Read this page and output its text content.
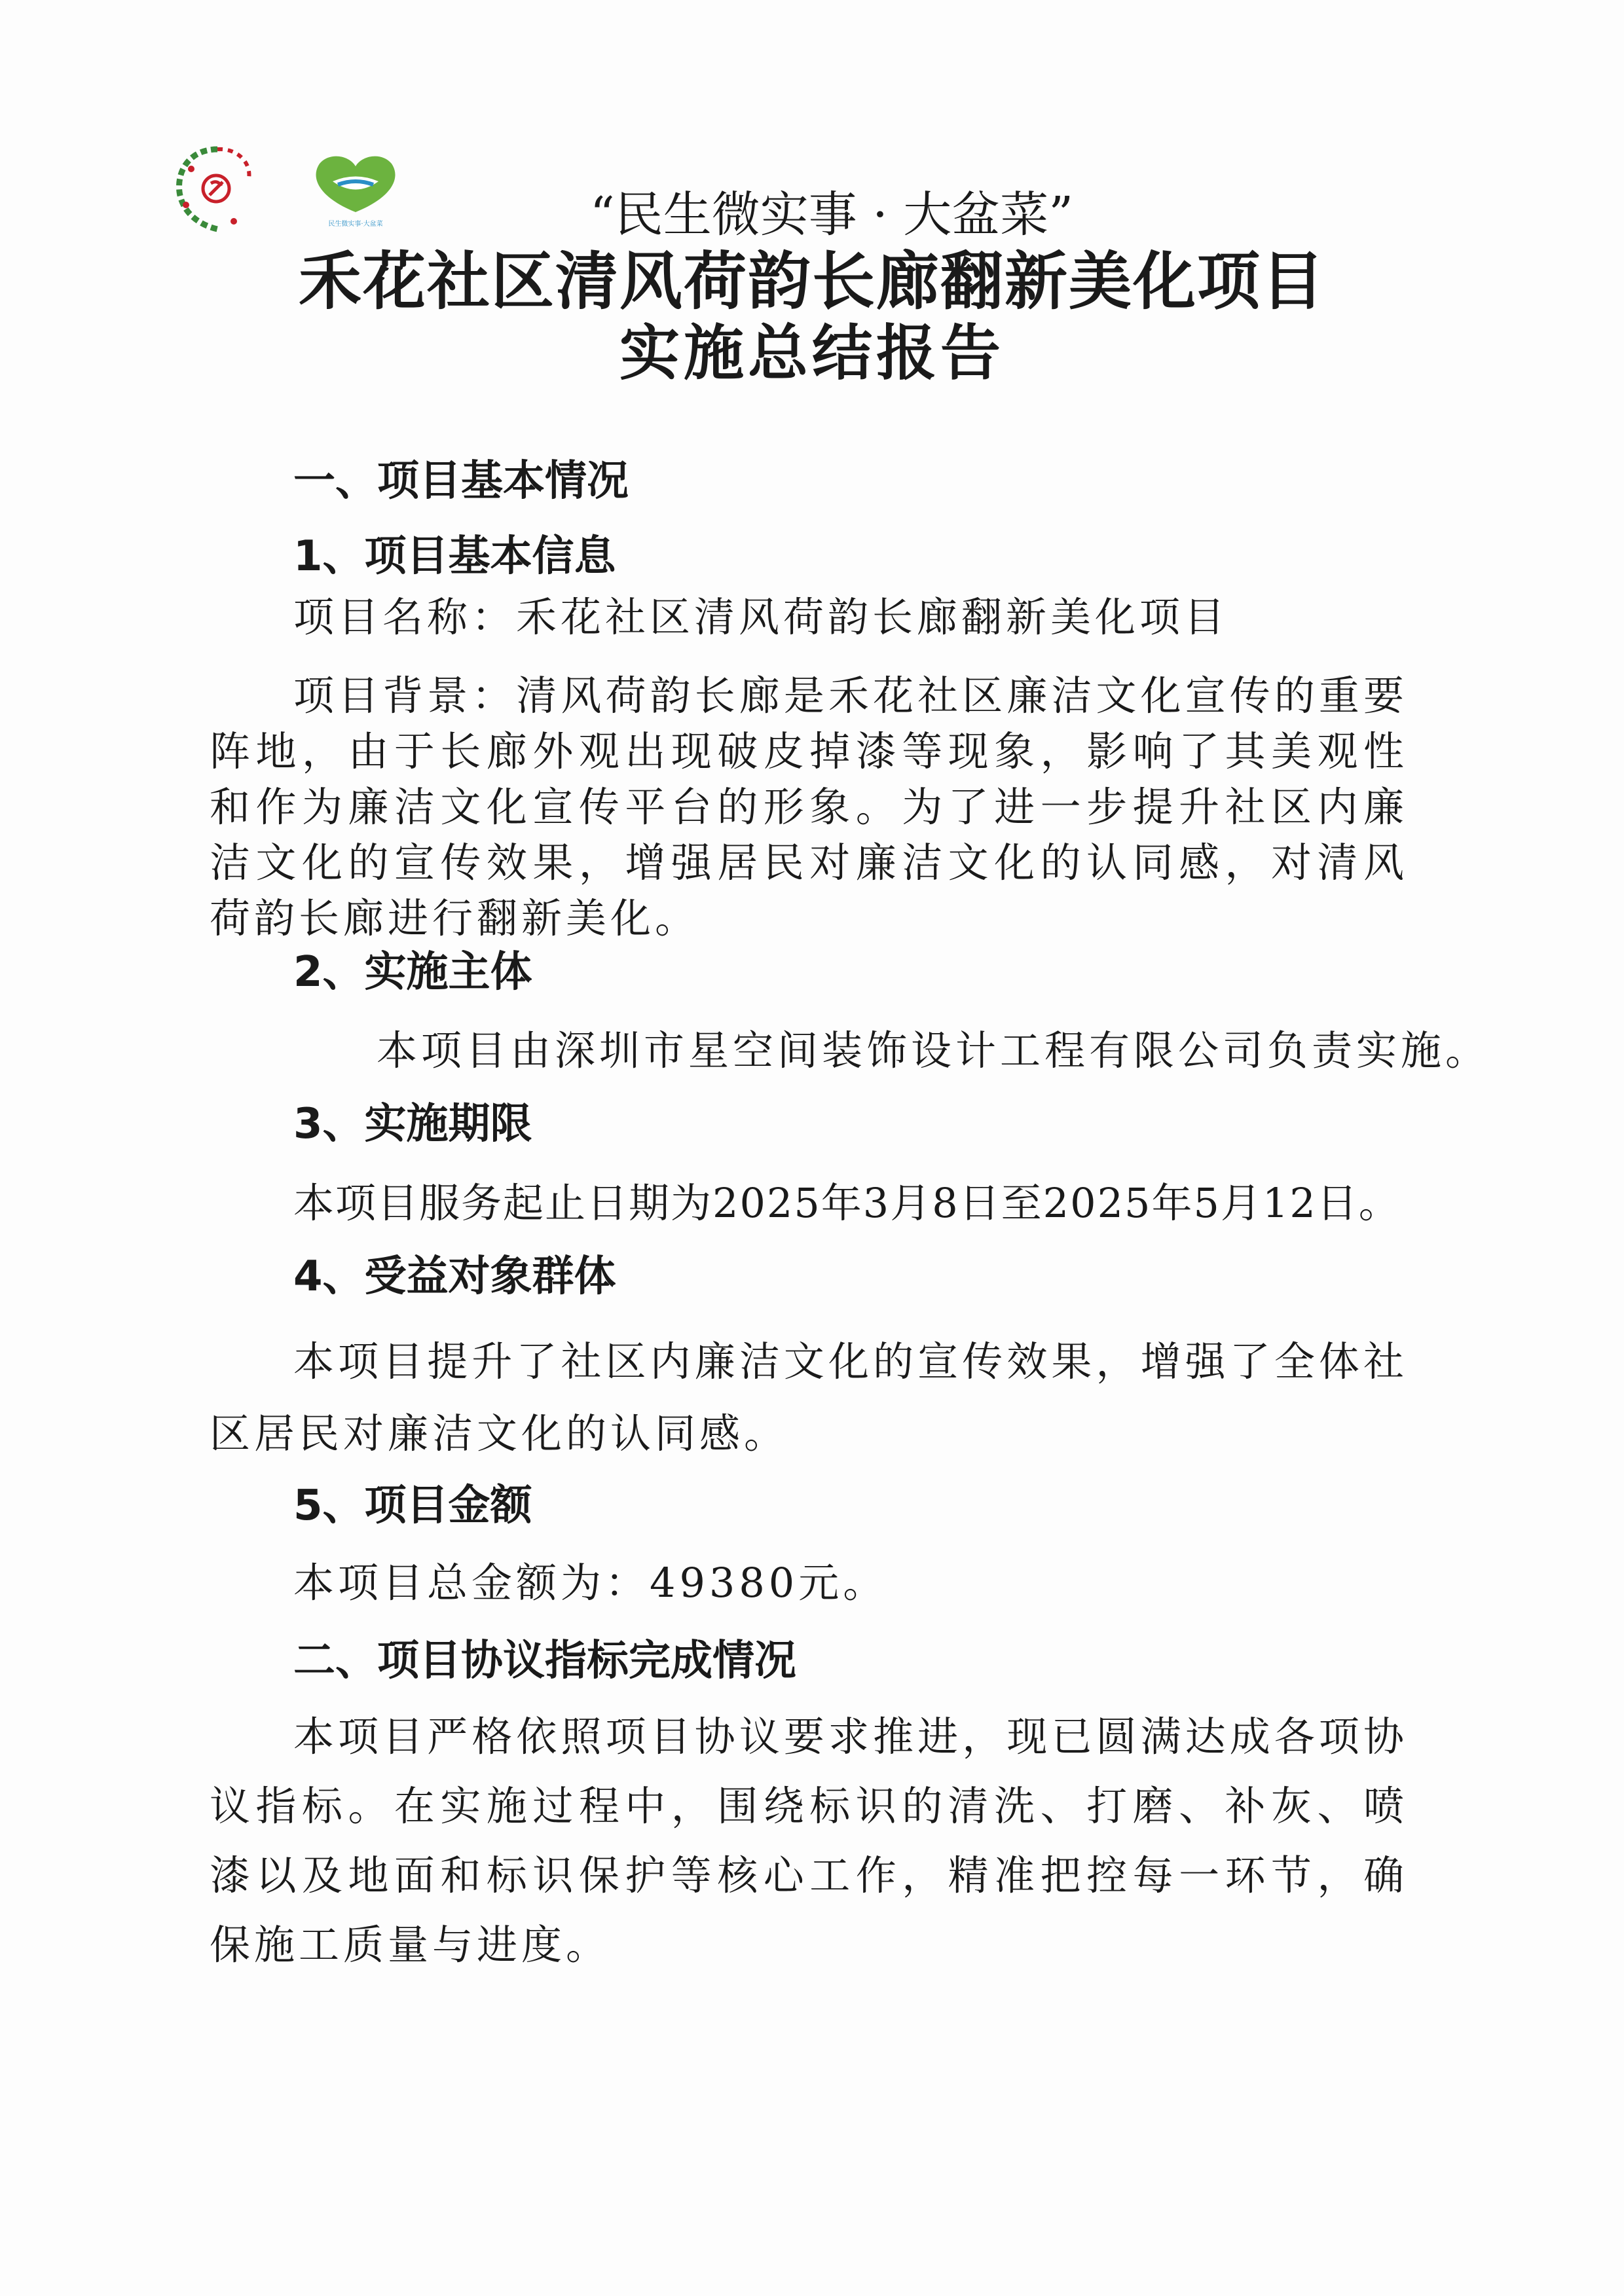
民生微实事·大盆菜	“民生微实事 · 大盆菜”
禾花社区清风荷韵长廊翻新美化项目
实施总结报告
一、项目基本情况
1、项目基本信息
项目名称：禾花社区清风荷韵长廊翻新美化项目
项目背景：清风荷韵长廊是禾花社区廉洁文化宣传的重要阵地，由于长廊外观出现破皮掉漆等现象，影响了其美观性和作为廉洁文化宣传平台的形象。为了进一步提升社区内廉洁文化的宣传效果，增强居民对廉洁文化的认同感，对清风荷韵长廊进行翻新美化。
2、实施主体
本项目由深圳市星空间装饰设计工程有限公司负责实施。
3、实施期限
本项目服务起止日期为2025年3月8日至2025年5月12日。
4、受益对象群体
本项目提升了社区内廉洁文化的宣传效果，增强了全体社区居民对廉洁文化的认同感。
5、项目金额
本项目总金额为：49380元。
二、项目协议指标完成情况
本项目严格依照项目协议要求推进，现已圆满达成各项协议指标。在实施过程中，围绕标识的清洗、打磨、补灰、喷漆以及地面和标识保护等核心工作，精准把控每一环节，确保施工质量与进度。
